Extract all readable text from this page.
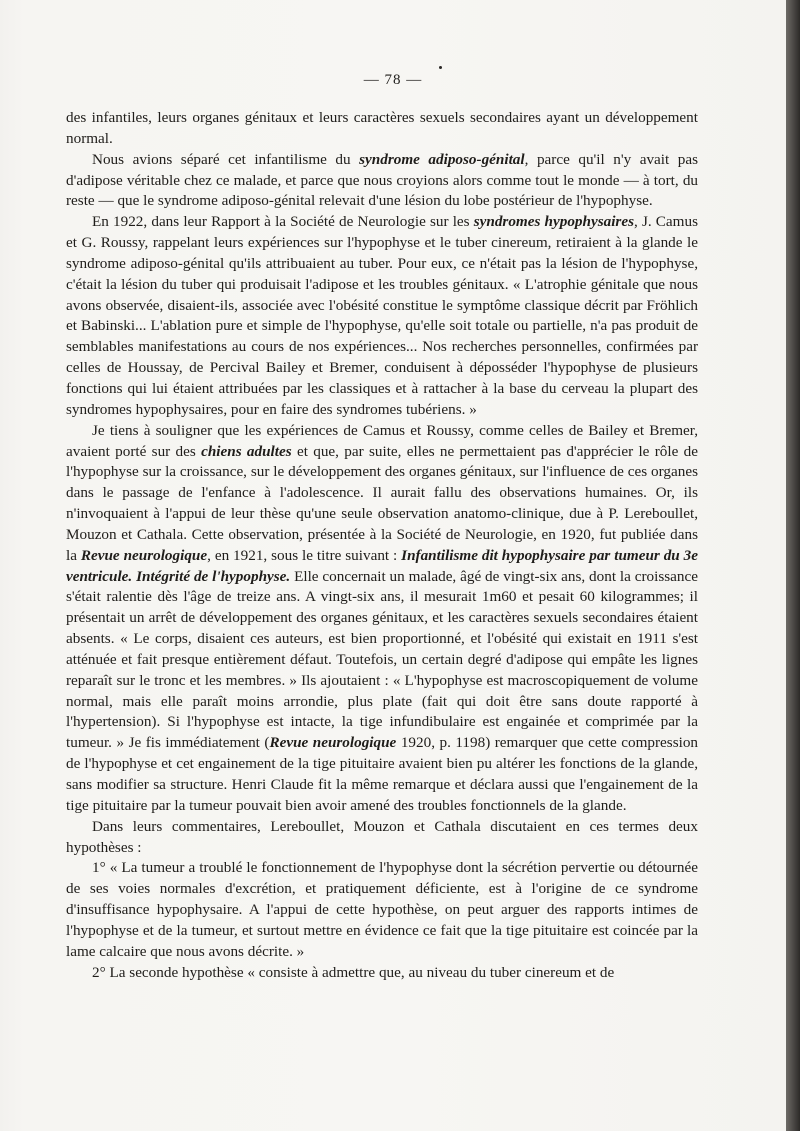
— 78 —

des infantiles, leurs organes génitaux et leurs caractères sexuels secondaires ayant un développement normal.

Nous avions séparé cet infantilisme du syndrome adiposo-génital, parce qu'il n'y avait pas d'adipose véritable chez ce malade, et parce que nous croyions alors comme tout le monde — à tort, du reste — que le syndrome adiposo-génital relevait d'une lésion du lobe postérieur de l'hypophyse.

En 1922, dans leur Rapport à la Société de Neurologie sur les syndromes hypophysaires, J. Camus et G. Roussy, rappelant leurs expériences sur l'hypophyse et le tuber cinereum, retiraient à la glande le syndrome adiposo-génital qu'ils attribuaient au tuber. Pour eux, ce n'était pas la lésion de l'hypophyse, c'était la lésion du tuber qui produisait l'adipose et les troubles génitaux. « L'atrophie génitale que nous avons observée, disaient-ils, associée avec l'obésité constitue le symptôme classique décrit par Fröhlich et Babinski... L'ablation pure et simple de l'hypophyse, qu'elle soit totale ou partielle, n'a pas produit de semblables manifestations au cours de nos expériences... Nos recherches personnelles, confirmées par celles de Houssay, de Percival Bailey et Bremer, conduisent à déposséder l'hypophyse de plusieurs fonctions qui lui étaient attribuées par les classiques et à rattacher à la base du cerveau la plupart des syndromes hypophysaires, pour en faire des syndromes tubériens. »

Je tiens à souligner que les expériences de Camus et Roussy, comme celles de Bailey et Bremer, avaient porté sur des chiens adultes et que, par suite, elles ne permettaient pas d'apprécier le rôle de l'hypophyse sur la croissance, sur le développement des organes génitaux, sur l'influence de ces organes dans le passage de l'enfance à l'adolescence. Il aurait fallu des observations humaines. Or, ils n'invoquaient à l'appui de leur thèse qu'une seule observation anatomo-clinique, due à P. Lereboullet, Mouzon et Cathala. Cette observation, présentée à la Société de Neurologie, en 1920, fut publiée dans la Revue neurologique, en 1921, sous le titre suivant : Infantilisme dit hypophysaire par tumeur du 3e ventricule. Intégrité de l'hypophyse. Elle concernait un malade, âgé de vingt-six ans, dont la croissance s'était ralentie dès l'âge de treize ans. A vingt-six ans, il mesurait 1m60 et pesait 60 kilogrammes; il présentait un arrêt de développement des organes génitaux, et les caractères sexuels secondaires étaient absents. « Le corps, disaient ces auteurs, est bien proportionné, et l'obésité qui existait en 1911 s'est atténuée et fait presque entièrement défaut. Toutefois, un certain degré d'adipose qui empâte les lignes reparaît sur le tronc et les membres. » Ils ajoutaient : « L'hypophyse est macroscopiquement de volume normal, mais elle paraît moins arrondie, plus plate (fait qui doit être sans doute rapporté à l'hypertension). Si l'hypophyse est intacte, la tige infundibulaire est engainée et comprimée par la tumeur. » Je fis immédiatement (Revue neurologique 1920, p. 1198) remarquer que cette compression de l'hypophyse et cet engainement de la tige pituitaire avaient bien pu altérer les fonctions de la glande, sans modifier sa structure. Henri Claude fit la même remarque et déclara aussi que l'engainement de la tige pituitaire par la tumeur pouvait bien avoir amené des troubles fonctionnels de la glande.

Dans leurs commentaires, Lereboullet, Mouzon et Cathala discutaient en ces termes deux hypothèses :

1° « La tumeur a troublé le fonctionnement de l'hypophyse dont la sécrétion pervertie ou détournée de ses voies normales d'excrétion, et pratiquement déficiente, est à l'origine de ce syndrome d'insuffisance hypophysaire. A l'appui de cette hypothèse, on peut arguer des rapports intimes de l'hypophyse et de la tumeur, et surtout mettre en évidence ce fait que la tige pituitaire est coincée par la lame calcaire que nous avons décrite. »

2° La seconde hypothèse « consiste à admettre que, au niveau du tuber cinereum et de
